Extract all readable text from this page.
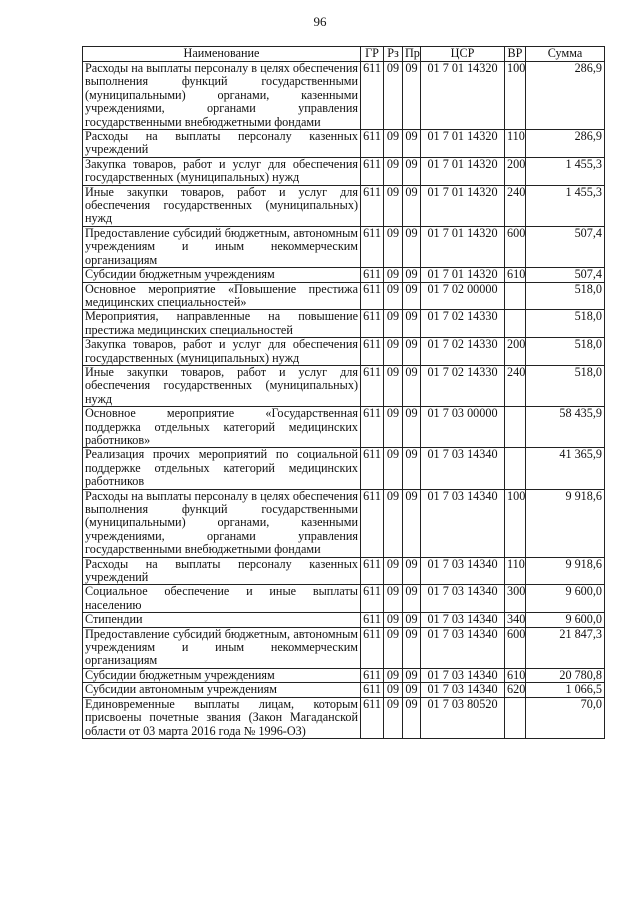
96
Наименование	ГР	Рз	Пр	ЦСР	ВР	Сумма
Расходы на выплаты персоналу в целях обеспечения выполнения функций государственными (муниципальными) органами, казенными учреждениями, органами управления государственными внебюджетными фондами	611	09	09	01 7 01 14320	100	286,9
Расходы на выплаты персоналу казенных учреждений	611	09	09	01 7 01 14320	110	286,9
Закупка товаров, работ и услуг для обеспечения государственных (муниципальных) нужд	611	09	09	01 7 01 14320	200	1 455,3
Иные закупки товаров, работ и услуг для обеспечения государственных (муниципальных) нужд	611	09	09	01 7 01 14320	240	1 455,3
Предоставление субсидий бюджетным, автономным учреждениям и иным некоммерческим организациям	611	09	09	01 7 01 14320	600	507,4
Субсидии бюджетным учреждениям	611	09	09	01 7 01 14320	610	507,4
Основное мероприятие «Повышение престижа медицинских специальностей»	611	09	09	01 7 02 00000		518,0
Мероприятия, направленные на повышение престижа медицинских специальностей	611	09	09	01 7 02 14330		518,0
Закупка товаров, работ и услуг для обеспечения государственных (муниципальных) нужд	611	09	09	01 7 02 14330	200	518,0
Иные закупки товаров, работ и услуг для обеспечения государственных (муниципальных) нужд	611	09	09	01 7 02 14330	240	518,0
Основное мероприятие «Государственная поддержка отдельных категорий медицинских работников»	611	09	09	01 7 03 00000		58 435,9
Реализация прочих мероприятий по социальной поддержке отдельных категорий медицинских работников	611	09	09	01 7 03 14340		41 365,9
Расходы на выплаты персоналу в целях обеспечения выполнения функций государственными (муниципальными) органами, казенными учреждениями, органами управления государственными внебюджетными фондами	611	09	09	01 7 03 14340	100	9 918,6
Расходы на выплаты персоналу казенных учреждений	611	09	09	01 7 03 14340	110	9 918,6
Социальное обеспечение и иные выплаты населению	611	09	09	01 7 03 14340	300	9 600,0
Стипендии	611	09	09	01 7 03 14340	340	9 600,0
Предоставление субсидий бюджетным, автономным учреждениям и иным некоммерческим организациям	611	09	09	01 7 03 14340	600	21 847,3
Субсидии бюджетным учреждениям	611	09	09	01 7 03 14340	610	20 780,8
Субсидии автономным учреждениям	611	09	09	01 7 03 14340	620	1 066,5
Единовременные выплаты лицам, которым присвоены почетные звания (Закон Магаданской области от 03 марта 2016 года № 1996-ОЗ)	611	09	09	01 7 03 80520		70,0
